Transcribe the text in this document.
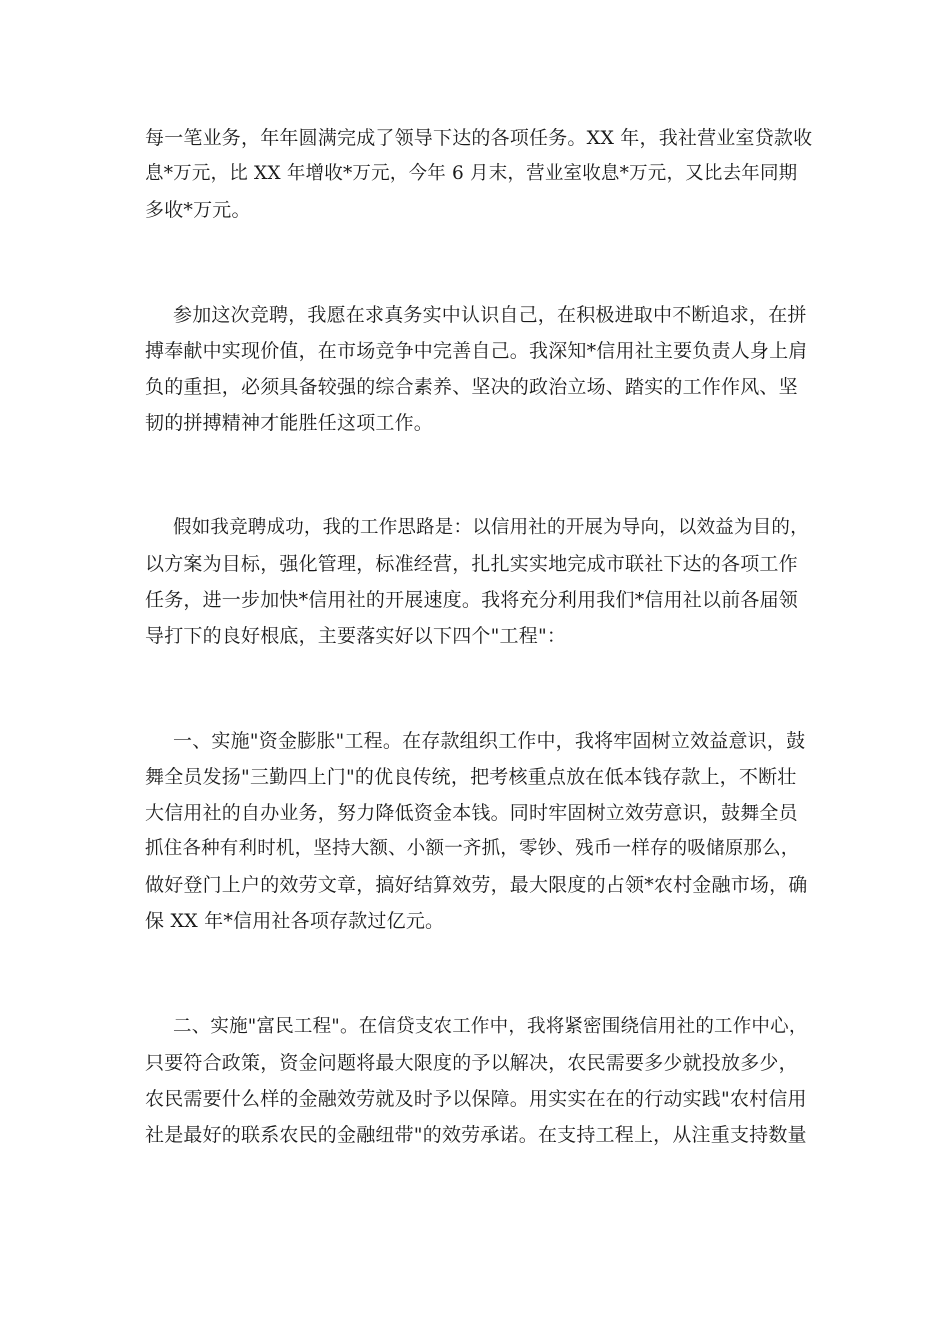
每一笔业务，年年圆满完成了领导下达的各项任务。XX 年，我社营业室贷款收
息*万元，比 XX 年增收*万元，今年 6 月末，营业室收息*万元，又比去年同期
多收*万元。
参加这次竞聘，我愿在求真务实中认识自己，在积极进取中不断追求，在拼
搏奉献中实现价值，在市场竞争中完善自己。我深知*信用社主要负责人身上肩
负的重担，必须具备较强的综合素养、坚决的政治立场、踏实的工作作风、坚
韧的拼搏精神才能胜任这项工作。
假如我竞聘成功，我的工作思路是：以信用社的开展为导向，以效益为目的，
以方案为目标，强化管理，标准经营，扎扎实实地完成市联社下达的各项工作
任务，进一步加快*信用社的开展速度。我将充分利用我们*信用社以前各届领
导打下的良好根底，主要落实好以下四个"工程"：
一、实施"资金膨胀"工程。在存款组织工作中，我将牢固树立效益意识，鼓
舞全员发扬"三勤四上门"的优良传统，把考核重点放在低本钱存款上，不断壮
大信用社的自办业务，努力降低资金本钱。同时牢固树立效劳意识，鼓舞全员
抓住各种有利时机，坚持大额、小额一齐抓，零钞、残币一样存的吸储原那么，
做好登门上户的效劳文章，搞好结算效劳，最大限度的占领*农村金融市场，确
保 XX 年*信用社各项存款过亿元。
二、实施"富民工程"。在信贷支农工作中，我将紧密围绕信用社的工作中心，
只要符合政策，资金问题将最大限度的予以解决，农民需要多少就投放多少，
农民需要什么样的金融效劳就及时予以保障。用实实在在的行动实践"农村信用
社是最好的联系农民的金融纽带"的效劳承诺。在支持工程上，从注重支持数量
